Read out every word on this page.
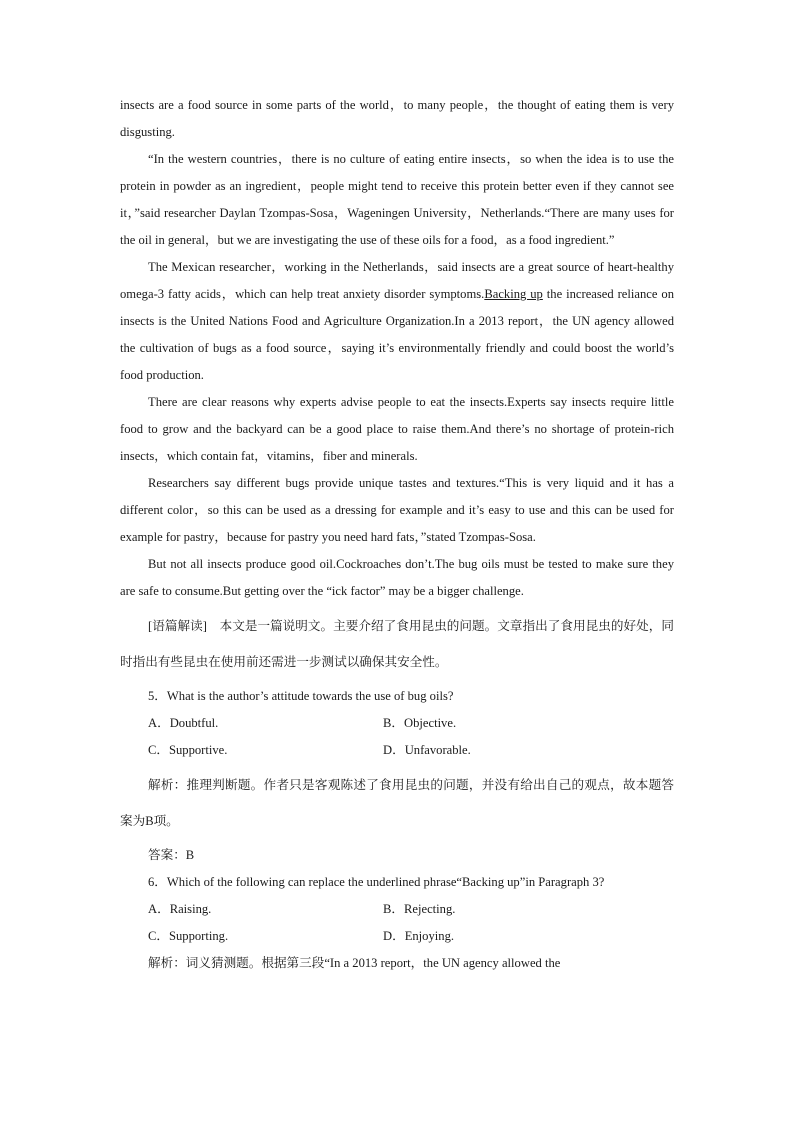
insects are a food source in some parts of the world，to many people，the thought of eating them is very disgusting.

“In the western countries，there is no culture of eating entire insects，so when the idea is to use the protein in powder as an ingredient，people might tend to receive this protein better even if they cannot see it，”said researcher Daylan Tzompas-Sosa，Wageningen University，Netherlands.“There are many uses for the oil in general，but we are investigating the use of these oils for a food，as a food ingredient.”

The Mexican researcher，working in the Netherlands，said insects are a great source of heart-healthy omega-3 fatty acids，which can help treat anxiety disorder symptoms.Backing up the increased reliance on insects is the United Nations Food and Agriculture Organization.In a 2013 report，the UN agency allowed the cultivation of bugs as a food source，saying it’s environmentally friendly and could boost the world’s food production.

There are clear reasons why experts advise people to eat the insects.Experts say insects require little food to grow and the backyard can be a good place to raise them.And there’s no shortage of protein-rich insects，which contain fat，vitamins，fiber and minerals.

Researchers say different bugs provide unique tastes and textures.“This is very liquid and it has a different color，so this can be used as a dressing for example and it’s easy to use and this can be used for example for pastry，because for pastry you need hard fats，”stated Tzompas-Sosa.

But not all insects produce good oil.Cockroaches don’t.The bug oils must be tested to make sure they are safe to consume.But getting over the “ick factor” may be a bigger challenge.

[语篇解读]　本文是一篇说明文。主要介绍了食用昆虫的问题。文章指出了食用昆虫的好处，同时指出有些昆虫在使用前还需进一步测试以确保其安全性。

5．What is the author’s attitude towards the use of bug oils?

A．Doubtful.	B．Objective.
C．Supportive.	D．Unfavorable.

解析：推理判断题。作者只是客观陈述了食用昆虫的问题，并没有给出自己的观点，故本题答案为B项。

答案：B

6．Which of the following can replace the underlined phrase“Backing up”in Paragraph 3?

A．Raising.	B．Rejecting.
C．Supporting.	D．Enjoying.

解析：词义猜测题。根据第三段“In a 2013 report，the UN agency allowed the
